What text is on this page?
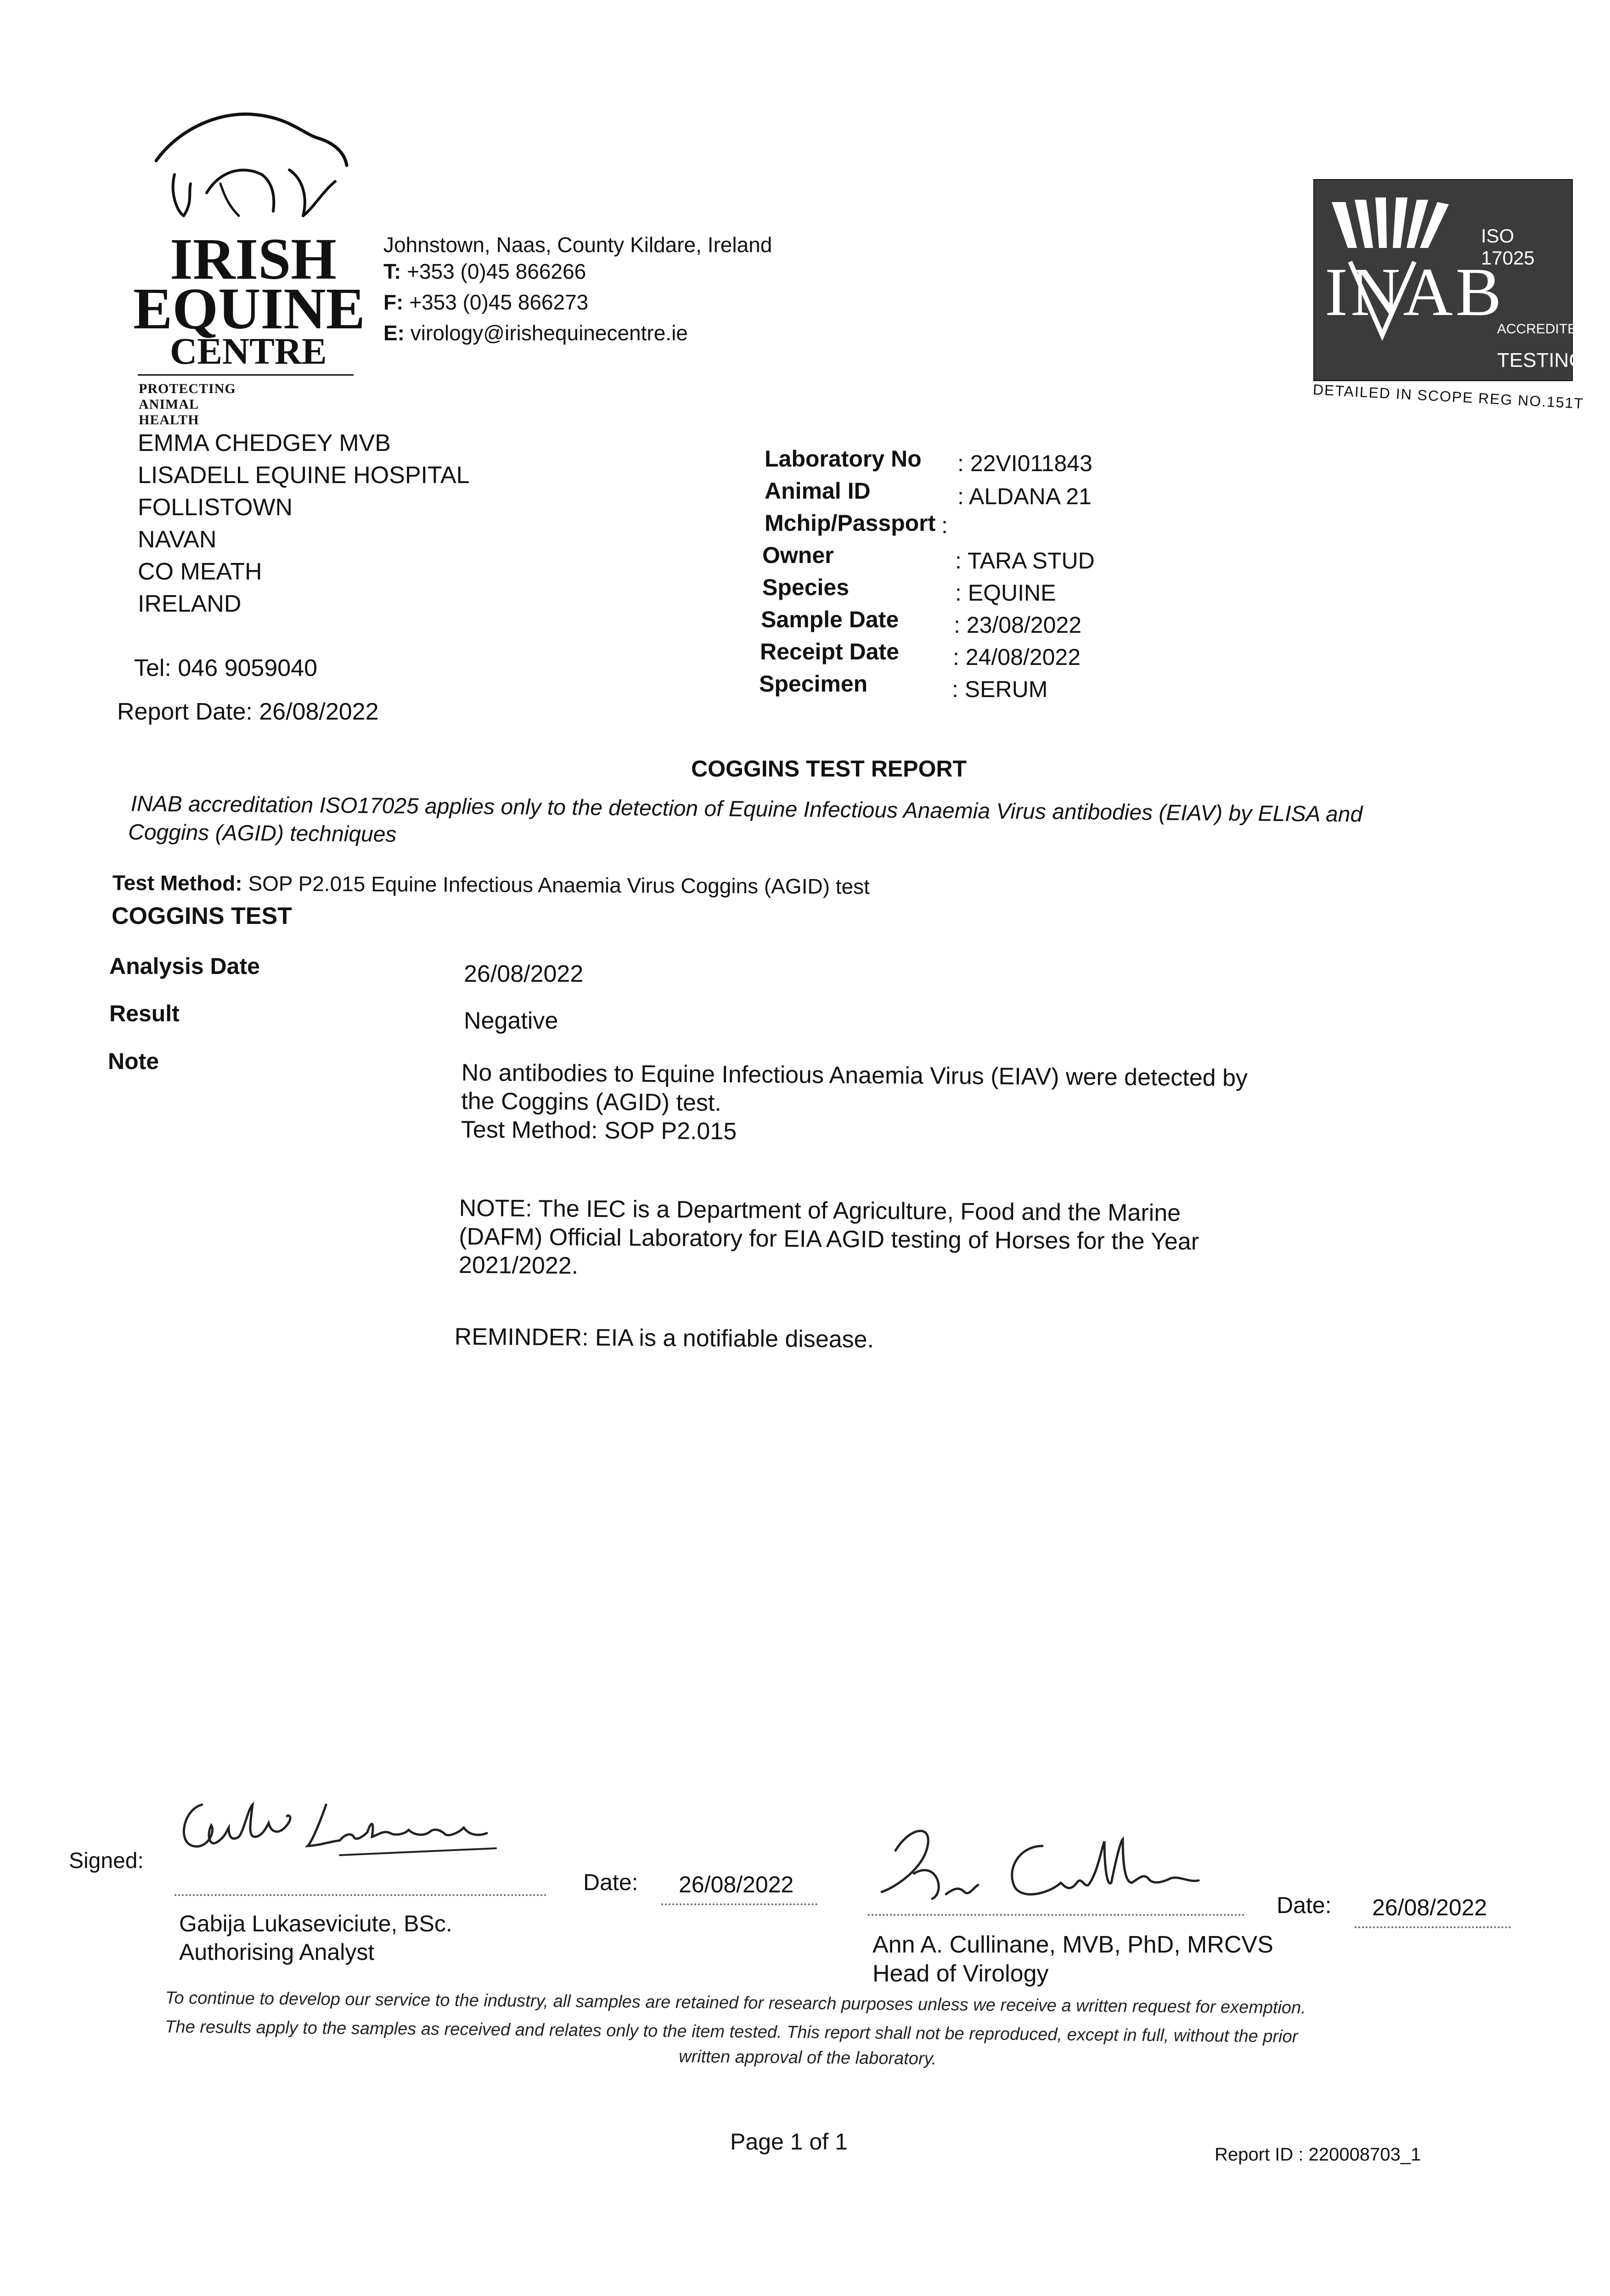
IRISH
EQUINE
CENTRE
PROTECTING ANIMAL HEALTH
Johnstown, Naas, County Kildare, Ireland
T: +353 (0)45 866266
F: +353 (0)45 866273
E: virology@irishequinecentre.ie
ISO 17025
INAB
ACCREDITED
TESTING
DETAILED IN SCOPE REG NO.151T
EMMA CHEDGEY MVB
LISADELL EQUINE HOSPITAL
FOLLISTOWN
NAVAN
CO MEATH
IRELAND
Tel: 046 9059040
Report Date: 26/08/2022
Laboratory No : 22VI011843
Animal ID	: ALDANA 21
Mchip/Passport :
Owner	: TARA STUD
Species	: EQUINE
Sample Date : 23/08/2022
Receipt Date : 24/08/2022
Specimen	: SERUM
COGGINS TEST REPORT
INAB accreditation ISO17025 applies only to the detection of Equine Infectious Anaemia Virus antibodies (EIAV) by ELISA and
Coggins (AGID) techniques
Test Method: SOP P2.015 Equine Infectious Anaemia Virus Coggins (AGID) test
COGGINS TEST
Analysis Date	26/08/2022
Result	Negative
Note	No antibodies to Equine Infectious Anaemia Virus (EIAV) were detected by
the Coggins (AGID) test.
Test Method: SOP P2.015
NOTE: The IEC is a Department of Agriculture, Food and the Marine
(DAFM) Official Laboratory for EIA AGID testing of Horses for the Year
2021/2022.
REMINDER: EIA is a notifiable disease.
Signed:
Date: 26/08/2022
Gabija Lukaseviciute, BSc.
Authorising Analyst
Date: 26/08/2022
Ann A. Cullinane, MVB, PhD, MRCVS
Head of Virology
To continue to develop our service to the industry, all samples are retained for research purposes unless we receive a written request for exemption.
The results apply to the samples as received and relates only to the item tested. This report shall not be reproduced, except in full, without the prior
written approval of the laboratory.
Page 1 of 1	Report ID : 220008703_1
